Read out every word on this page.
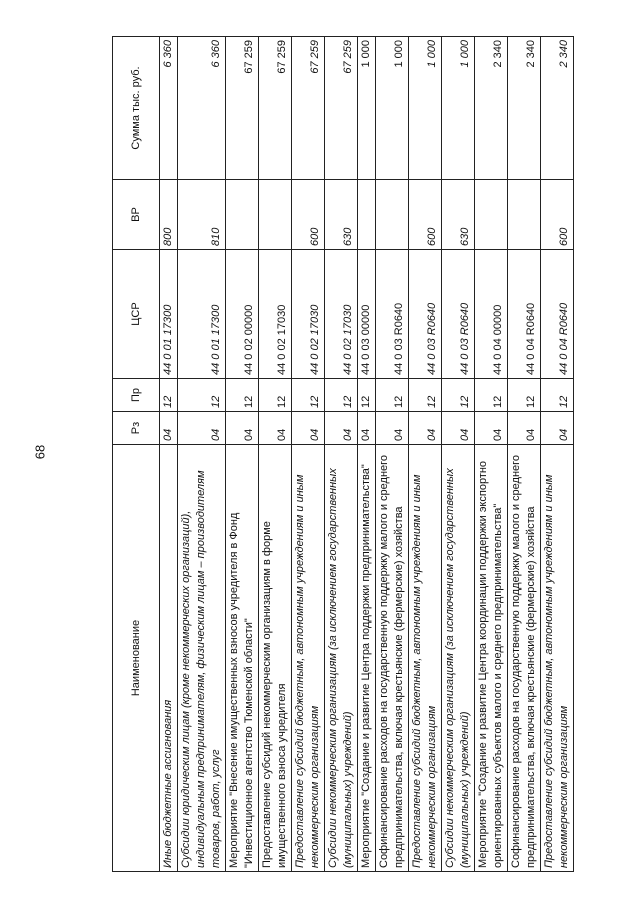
68
Наименование	Рз	Пр	ЦСР	ВР	Сумма тыс. руб.
Иные бюджетные ассигнования	04	12	44 0 01 17300	800	6 360
Субсидии юридическим лицам (кроме некоммерческих организаций), индивидуальным предпринимателям, физическим лицам – производителям товаров, работ, услуг	04	12	44 0 01 17300	810	6 360
Мероприятие "Внесение имущественных взносов учредителя в Фонд "Инвестиционное агентство Тюменской области"	04	12	44 0 02 00000		67 259
Предоставление субсидий некоммерческим организациям в форме имущественного взноса учредителя	04	12	44 0 02 17030		67 259
Предоставление субсидий бюджетным, автономным учреждениям и иным некоммерческим организациям	04	12	44 0 02 17030	600	67 259
Субсидии некоммерческим организациям (за исключением государственных (муниципальных) учреждений)	04	12	44 0 02 17030	630	67 259
Мероприятие "Создание и развитие Центра поддержки предпринимательства"	04	12	44 0 03 00000		1 000
Софинансирование расходов на государственную поддержку малого и среднего предпринимательства, включая крестьянские (фермерские) хозяйства	04	12	44 0 03 R0640		1 000
Предоставление субсидий бюджетным, автономным учреждениям и иным некоммерческим организациям	04	12	44 0 03 R0640	600	1 000
Субсидии некоммерческим организациям (за исключением государственных (муниципальных) учреждений)	04	12	44 0 03 R0640	630	1 000
Мероприятие "Создание и развитие Центра координации поддержки экспортно ориентированных субъектов малого и среднего предпринимательства"	04	12	44 0 04 00000		2 340
Софинансирование расходов на государственную поддержку малого и среднего предпринимательства, включая крестьянские (фермерские) хозяйства	04	12	44 0 04 R0640		2 340
Предоставление субсидий бюджетным, автономным учреждениям и иным некоммерческим организациям	04	12	44 0 04 R0640	600	2 340
